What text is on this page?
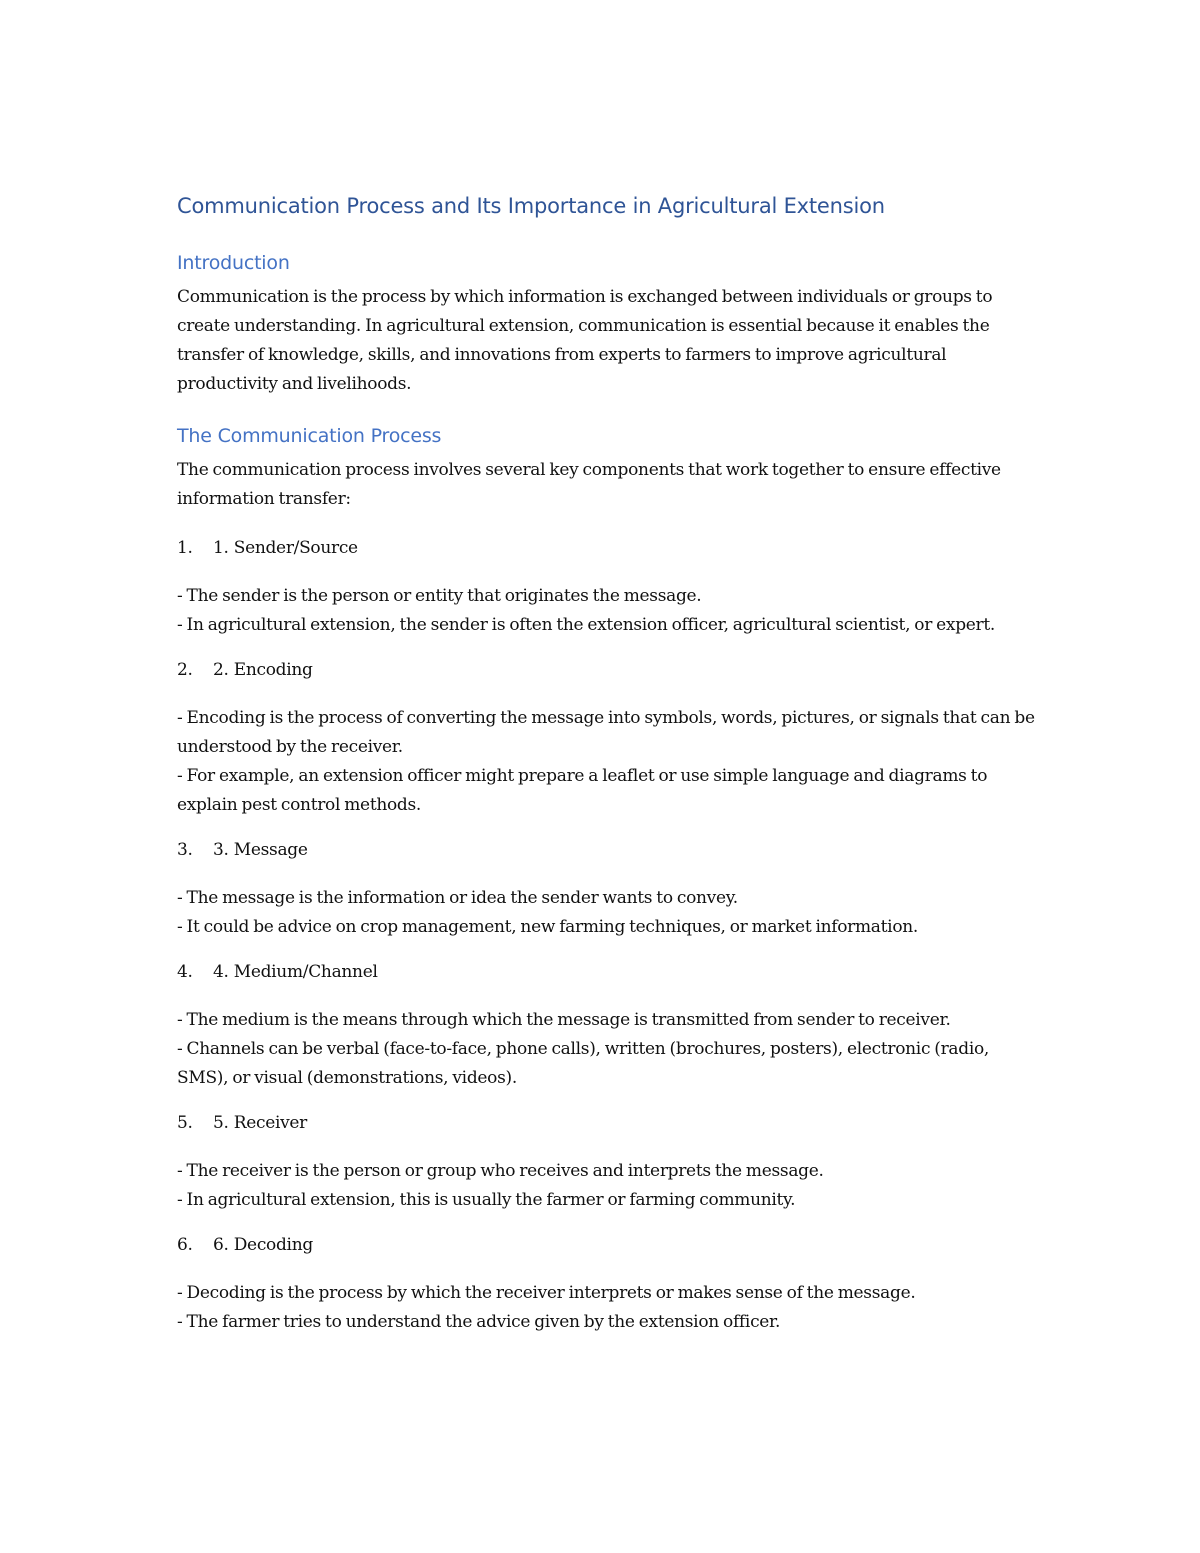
Communication Process and Its Importance in Agricultural Extension
Introduction

Communication is the process by which information is exchanged between individuals or groups to create understanding. In agricultural extension, communication is essential because it enables the transfer of knowledge, skills, and innovations from experts to farmers to improve agricultural productivity and livelihoods.

The Communication Process

The communication process involves several key components that work together to ensure effective information transfer:

1.	1. Sender/Source
- The sender is the person or entity that originates the message.
- In agricultural extension, the sender is often the extension officer, agricultural scientist, or expert.
2.	2. Encoding
- Encoding is the process of converting the message into symbols, words, pictures, or signals that can be understood by the receiver.
- For example, an extension officer might prepare a leaflet or use simple language and diagrams to explain pest control methods.
3.	3. Message
- The message is the information or idea the sender wants to convey.
- It could be advice on crop management, new farming techniques, or market information.
4.	4. Medium/Channel
- The medium is the means through which the message is transmitted from sender to receiver.
- Channels can be verbal (face-to-face, phone calls), written (brochures, posters), electronic (radio, SMS), or visual (demonstrations, videos).
5.	5. Receiver
- The receiver is the person or group who receives and interprets the message.
- In agricultural extension, this is usually the farmer or farming community.
6.	6. Decoding
- Decoding is the process by which the receiver interprets or makes sense of the message.
- The farmer tries to understand the advice given by the extension officer.
